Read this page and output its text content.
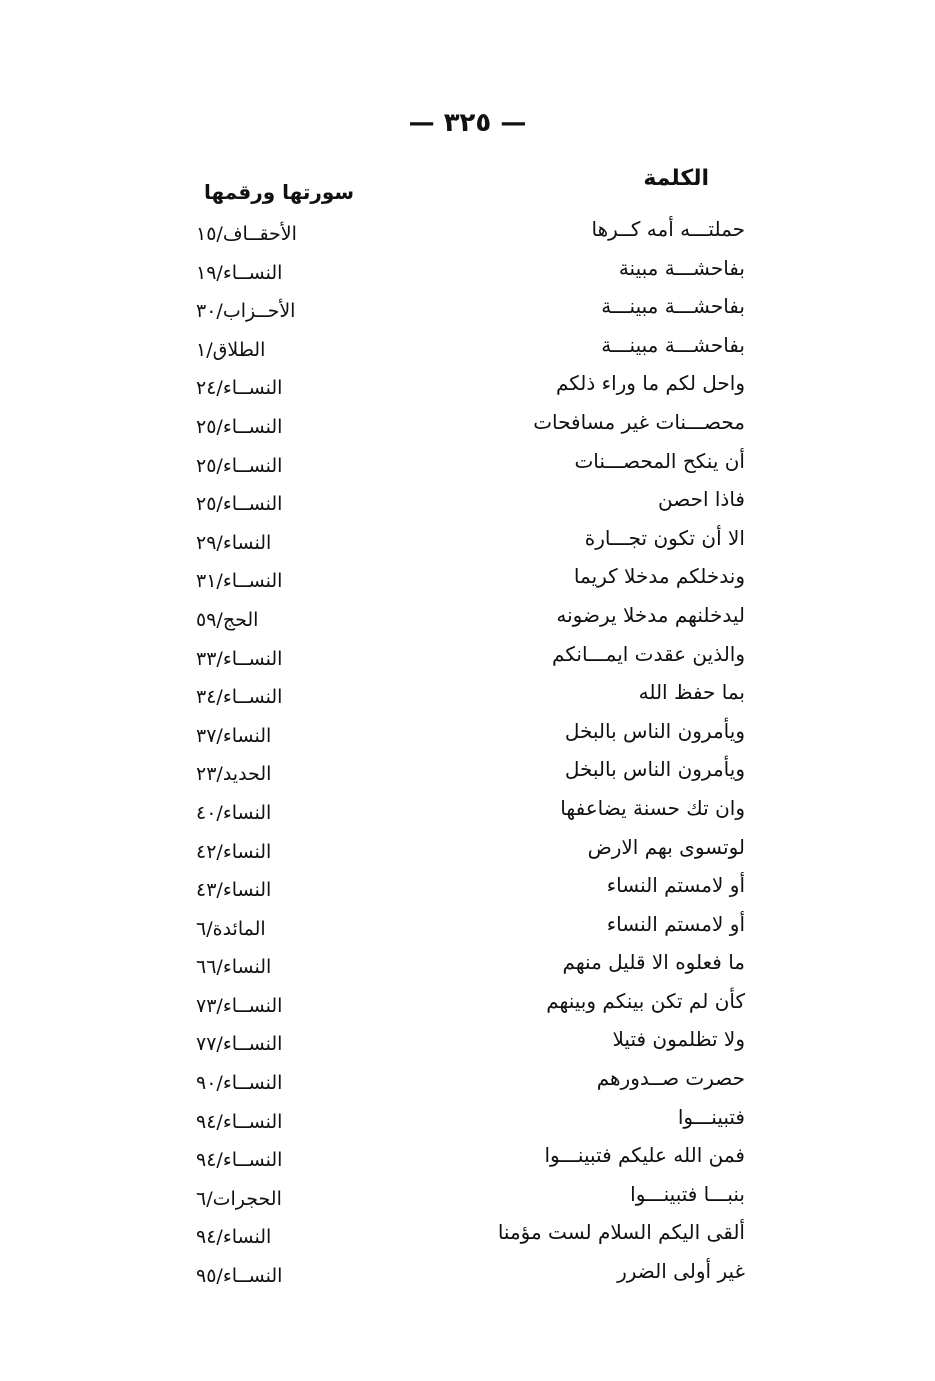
— ٣٢٥ —
الكلمة
سورتها ورقمها
حملتـــه أمه كــرها
الأحقــاف/١٥
بفاحشـــة مبينة
النســاء/١٩
بفاحشـــة مبينـــة
الأحــزاب/٣٠
بفاحشـــة مبينـــة
الطلاق/١
واحل لكم ما وراء ذلكم
النســاء/٢٤
محصـــنات غير مسافحات
النســاء/٢٥
أن ينكح المحصـــنات
النســاء/٢٥
فاذا احصن
النســاء/٢٥
الا أن تكون تجـــارة
النساء/٢٩
وندخلكم مدخلا كريما
النســاء/٣١
ليدخلنهم مدخلا يرضونه
الحج/٥٩
والذين عقدت ايمـــانكم
النســاء/٣٣
بما حفظ الله
النســاء/٣٤
ويأمرون الناس بالبخل
النساء/٣٧
ويأمرون الناس بالبخل
الحديد/٢٣
وان تك حسنة يضاعفها
النساء/٤٠
لوتسوى بهم الارض
النساء/٤٢
أو لامستم النساء
النساء/٤٣
أو لامستم النساء
المائدة/٦
ما فعلوه الا قليل منهم
النساء/٦٦
كأن لم تكن بينكم وبينهم
النســاء/٧٣
ولا تظلمون فتيلا
النســاء/٧٧
حصرت صــدورهم
النســاء/٩٠
فتبينـــوا
النســاء/٩٤
فمن الله عليكم فتبينـــوا
النســاء/٩٤
بنبـــا فتبينـــوا
الحجرات/٦
ألقى اليكم السلام لست مؤمنا
النساء/٩٤
غير أولى الضرر
النســاء/٩٥
